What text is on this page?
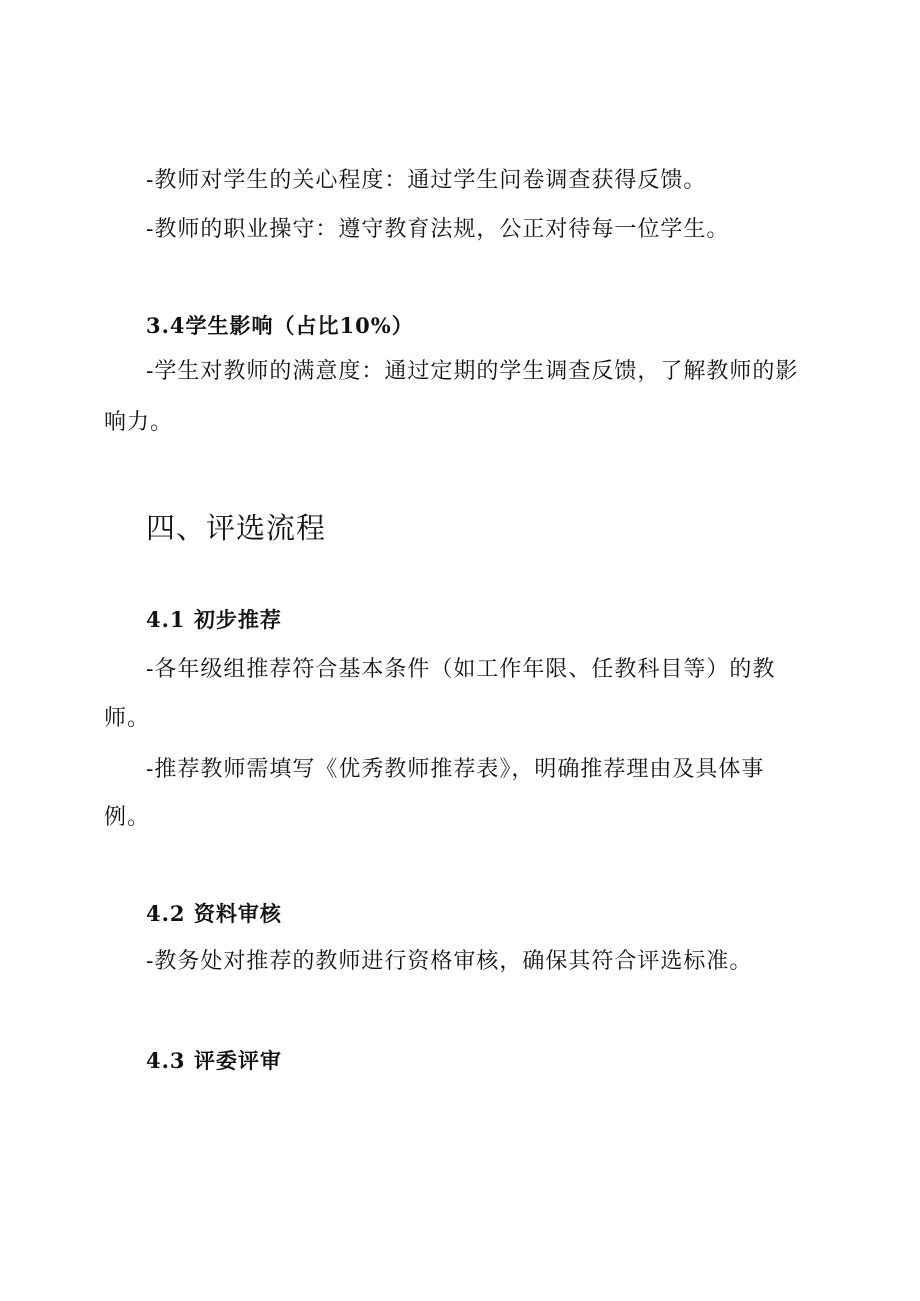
-教师对学生的关心程度：通过学生问卷调查获得反馈。
-教师的职业操守：遵守教育法规，公正对待每一位学生。
3.4学生影响（占比10%）
-学生对教师的满意度：通过定期的学生调查反馈，了解教师的影
响力。
四、评选流程
4.1 初步推荐
-各年级组推荐符合基本条件（如工作年限、任教科目等）的教
师。
-推荐教师需填写《优秀教师推荐表》，明确推荐理由及具体事
例。
4.2 资料审核
-教务处对推荐的教师进行资格审核，确保其符合评选标准。
4.3 评委评审
